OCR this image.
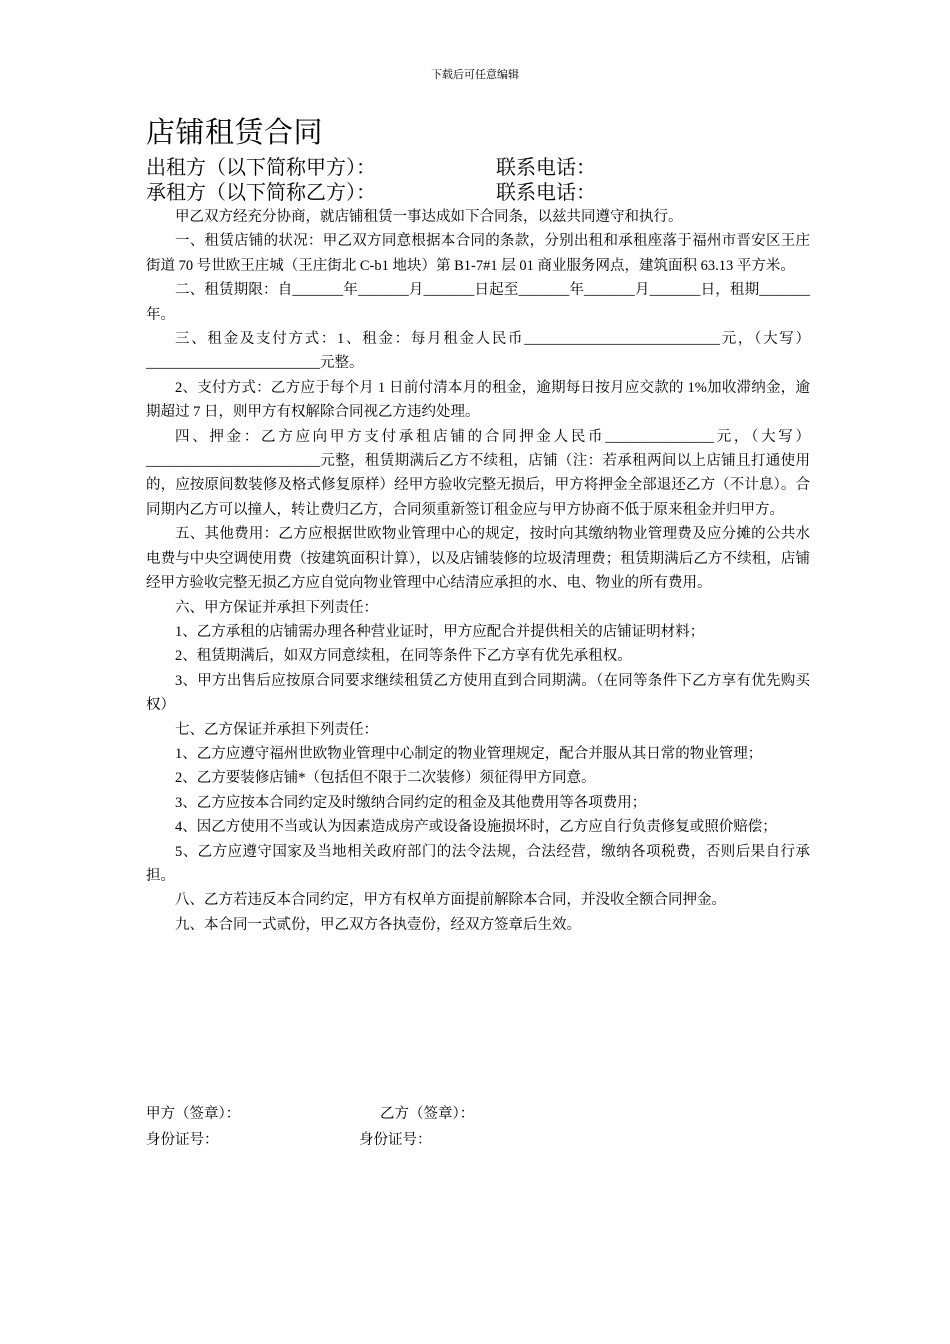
下载后可任意编辑
店铺租赁合同
出租方（以下简称甲方）：	联系电话：
承租方（以下简称乙方）：	联系电话：

甲乙双方经充分协商，就店铺租赁一事达成如下合同条，以兹共同遵守和执行。

一、租赁店铺的状况：甲乙双方同意根据本合同的条款，分别出租和承租座落于福州市晋安区王庄街道 70 号世欧王庄城（王庄街北 C-b1 地块）第 B1-7#1 层 01 商业服务网点，建筑面积 63.13 平方米。

二、租赁期限：自_______年_______月_______日起至_______年_______月_______日，租期_______年。

三、租金及支付方式：1、租金：每月租金人民币___________________________元，（大写）________________________元整。

2、支付方式：乙方应于每个月 1 日前付清本月的租金，逾期每日按月应交款的 1%加收滞纳金，逾期超过 7 日，则甲方有权解除合同视乙方违约处理。

四、押金：乙方应向甲方支付承租店铺的合同押金人民币_______________元，（大写）________________________元整，租赁期满后乙方不续租，店铺（注：若承租两间以上店铺且打通使用的，应按原间数装修及格式修复原样）经甲方验收完整无损后，甲方将押金全部退还乙方（不计息）。合同期内乙方可以撞人，转让费归乙方，合同须重新签订租金应与甲方协商不低于原来租金并归甲方。

五、其他费用：乙方应根据世欧物业管理中心的规定，按时向其缴纳物业管理费及应分摊的公共水电费与中央空调使用费（按建筑面积计算），以及店铺装修的垃圾清理费；租赁期满后乙方不续租，店铺经甲方验收完整无损乙方应自觉向物业管理中心结清应承担的水、电、物业的所有费用。

六、甲方保证并承担下列责任：

1、乙方承租的店铺需办理各种营业证时，甲方应配合并提供相关的店铺证明材料；

2、租赁期满后，如双方同意续租，在同等条件下乙方享有优先承租权。

3、甲方出售后应按原合同要求继续租赁乙方使用直到合同期满。（在同等条件下乙方享有优先购买权）

七、乙方保证并承担下列责任：

1、乙方应遵守福州世欧物业管理中心制定的物业管理规定，配合并服从其日常的物业管理；

2、乙方要装修店铺*（包括但不限于二次装修）须征得甲方同意。

3、乙方应按本合同约定及时缴纳合同约定的租金及其他费用等各项费用；

4、因乙方使用不当或认为因素造成房产或设备设施损坏时，乙方应自行负责修复或照价赔偿；

5、乙方应遵守国家及当地相关政府部门的法令法规，合法经营，缴纳各项税费，否则后果自行承担。

八、乙方若违反本合同约定，甲方有权单方面提前解除本合同，并没收全额合同押金。

九、本合同一式贰份，甲乙双方各执壹份，经双方签章后生效。

甲方（签章）：	乙方（签章）：
身份证号：	身份证号：
